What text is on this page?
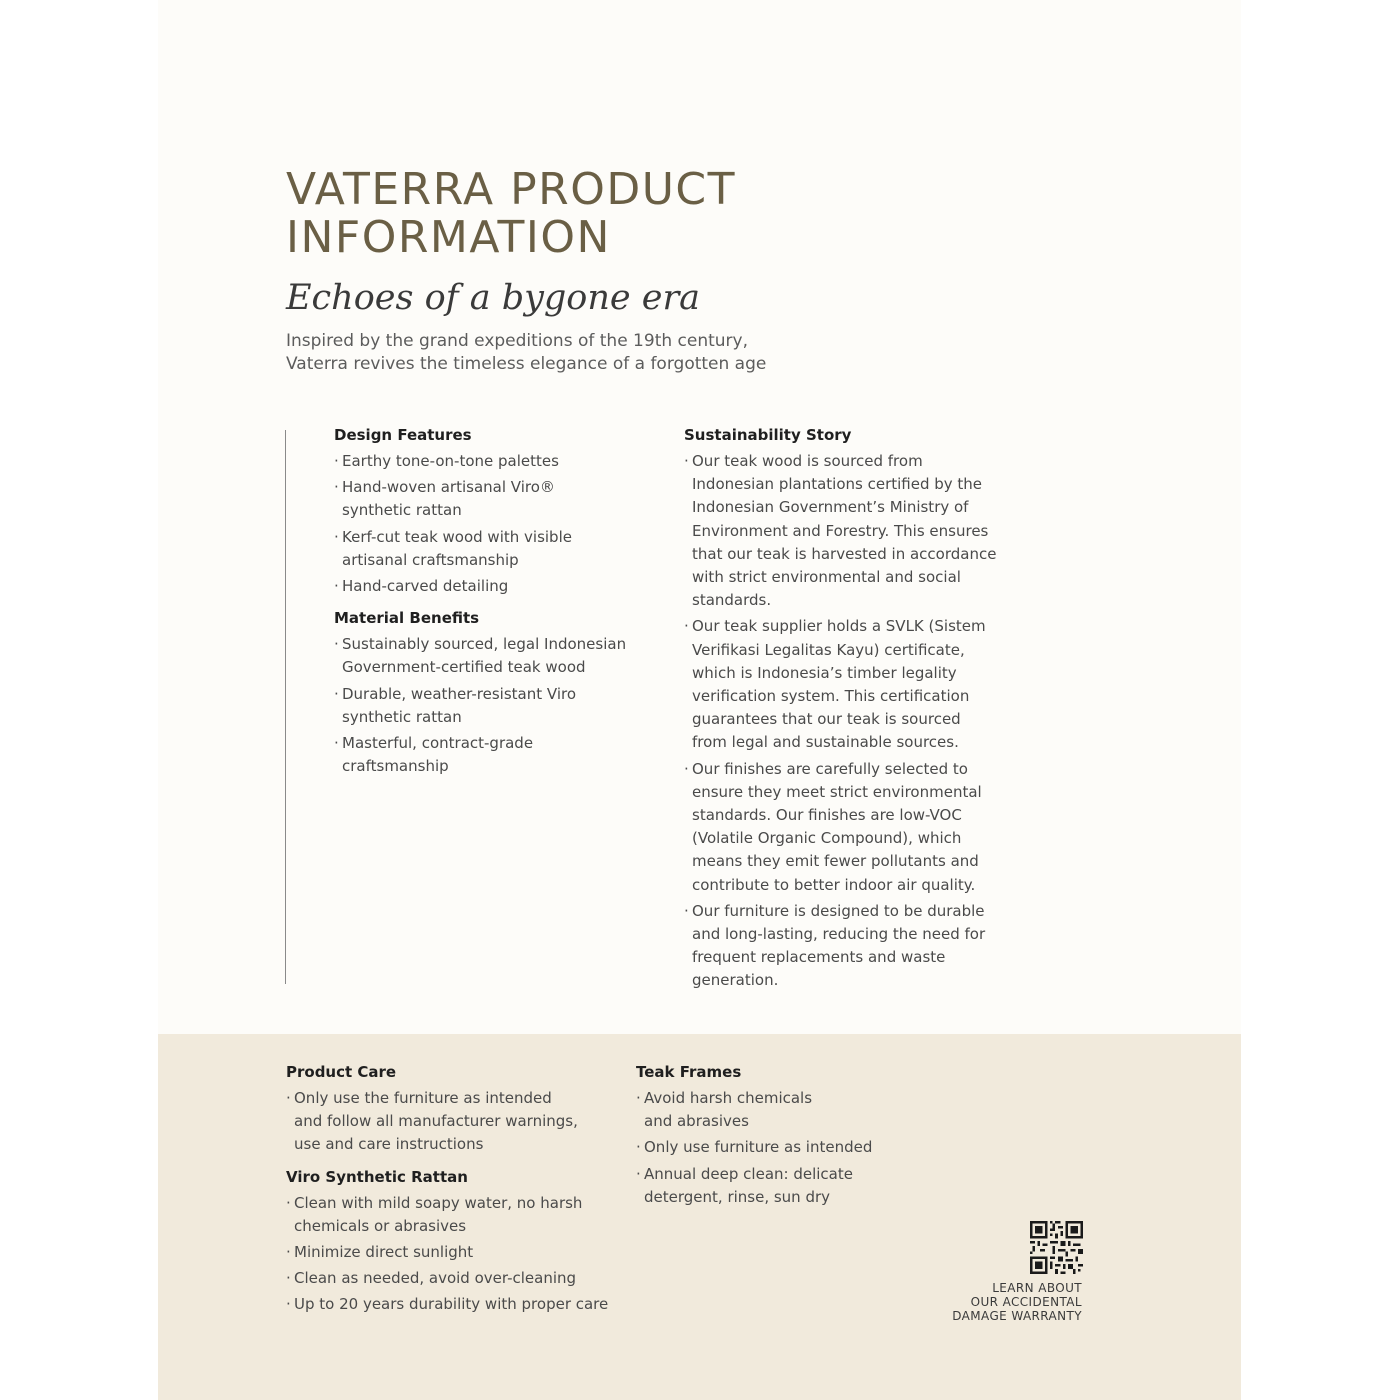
VATERRA PRODUCT
INFORMATION
Echoes of a bygone era
Inspired by the grand expeditions of the 19th century,
Vaterra revives the timeless elegance of a forgotten age
Design Features
· Earthy tone-on-tone palettes
· Hand-woven artisanal Viro®
synthetic rattan
· Kerf-cut teak wood with visible
artisanal craftsmanship
· Hand-carved detailing
Material Benefits
· Sustainably sourced, legal Indonesian
Government-certified teak wood
· Durable, weather-resistant Viro
synthetic rattan
· Masterful, contract-grade
craftsmanship
Sustainability Story
· Our teak wood is sourced from
Indonesian plantations certified by the
Indonesian Government’s Ministry of
Environment and Forestry. This ensures
that our teak is harvested in accordance
with strict environmental and social
standards.
· Our teak supplier holds a SVLK (Sistem
Verifikasi Legalitas Kayu) certificate,
which is Indonesia’s timber legality
verification system. This certification
guarantees that our teak is sourced
from legal and sustainable sources.
· Our finishes are carefully selected to
ensure they meet strict environmental
standards. Our finishes are low-VOC
(Volatile Organic Compound), which
means they emit fewer pollutants and
contribute to better indoor air quality.
· Our furniture is designed to be durable
and long-lasting, reducing the need for
frequent replacements and waste
generation.
Product Care
· Only use the furniture as intended
and follow all manufacturer warnings,
use and care instructions
Viro Synthetic Rattan
· Clean with mild soapy water, no harsh
chemicals or abrasives
· Minimize direct sunlight
· Clean as needed, avoid over-cleaning
· Up to 20 years durability with proper care
Teak Frames
· Avoid harsh chemicals
and abrasives
· Only use furniture as intended
· Annual deep clean: delicate
detergent, rinse, sun dry
LEARN ABOUT
OUR ACCIDENTAL
DAMAGE WARRANTY
